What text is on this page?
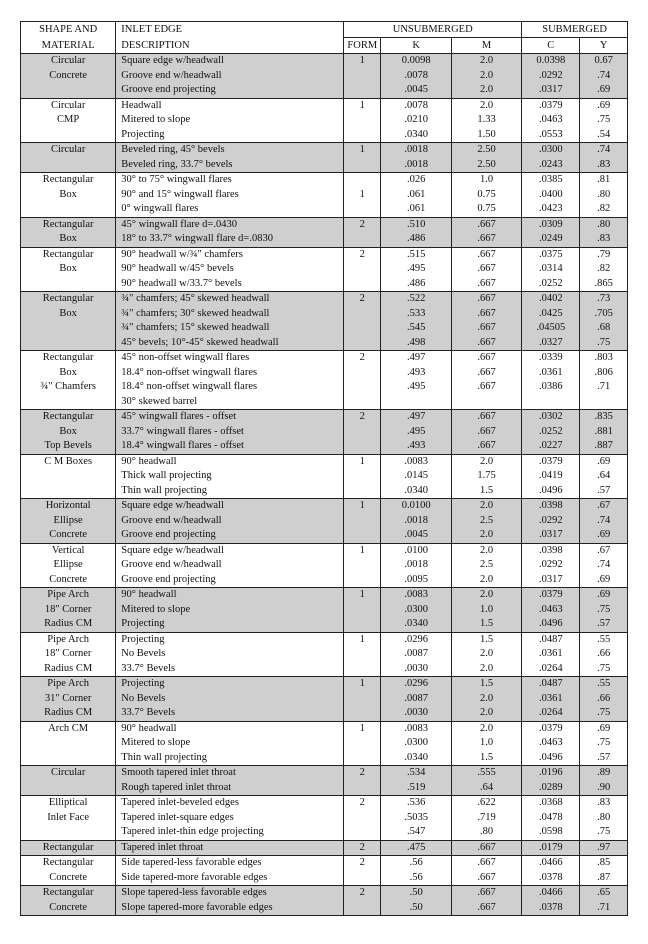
SHAPE AND	INLET EDGE	UNSUBMERGED			SUBMERGED	
MATERIAL	DESCRIPTION	FORM	K	M	C	Y
Circular	Square edge w/headwall	1	0.0098	2.0	0.0398	0.67
Concrete	Groove end w/headwall		.0078	2.0	.0292	.74
	Groove end projecting		.0045	2.0	.0317	.69
Circular	Headwall	1	.0078	2.0	.0379	.69
CMP	Mitered to slope		.0210	1.33	.0463	.75
	Projecting		.0340	1.50	.0553	.54
Circular	Beveled ring, 45° bevels	1	.0018	2.50	.0300	.74
	Beveled ring, 33.7° bevels		.0018	2.50	.0243	.83
Rectangular	30° to 75° wingwall flares		.026	1.0	.0385	.81
Box	90° and 15° wingwall flares	1	.061	0.75	.0400	.80
	0° wingwall flares		.061	0.75	.0423	.82
Rectangular	45° wingwall flare d=.0430	2	.510	.667	.0309	.80
Box	18° to 33.7° wingwall flare d=.0830		.486	.667	.0249	.83
Rectangular	90° headwall w/¾" chamfers	2	.515	.667	.0375	.79
Box	90° headwall w/45° bevels		.495	.667	.0314	.82
	90° headwall w/33.7° bevels		.486	.667	.0252	.865
Rectangular	¾" chamfers; 45° skewed headwall	2	.522	.667	.0402	.73
Box	¾" chamfers; 30° skewed headwall		.533	.667	.0425	.705
	¾" chamfers; 15° skewed headwall		.545	.667	.04505	.68
	45° bevels; 10°-45° skewed headwall		.498	.667	.0327	.75
Rectangular	45° non-offset wingwall flares	2	.497	.667	.0339	.803
Box	18.4° non-offset wingwall flares		.493	.667	.0361	.806
¾" Chamfers	18.4° non-offset wingwall flares		.495	.667	.0386	.71
	30° skewed barrel					
Rectangular	45° wingwall flares - offset	2	.497	.667	.0302	.835
Box	33.7° wingwall flares - offset		.495	.667	.0252	.881
Top Bevels	18.4° wingwall flares - offset		.493	.667	.0227	.887
C M Boxes	90° headwall	1	.0083	2.0	.0379	.69
	Thick wall projecting		.0145	1.75	.0419	.64
	Thin wall projecting		.0340	1.5	.0496	.57
Horizontal	Square edge w/headwall	1	0.0100	2.0	.0398	.67
Ellipse	Groove end w/headwall		.0018	2.5	.0292	.74
Concrete	Groove end projecting		.0045	2.0	.0317	.69
Vertical	Square edge w/headwall	1	.0100	2.0	.0398	.67
Ellipse	Groove end w/headwall		.0018	2.5	.0292	.74
Concrete	Groove end projecting		.0095	2.0	.0317	.69
Pipe Arch	90° headwall	1	.0083	2.0	.0379	.69
18" Corner	Mitered to slope		.0300	1.0	.0463	.75
Radius CM	Projecting		.0340	1.5	.0496	.57
Pipe Arch	Projecting	1	.0296	1.5	.0487	.55
18" Corner	No Bevels		.0087	2.0	.0361	.66
Radius CM	33.7° Bevels		.0030	2.0	.0264	.75
Pipe Arch	Projecting	1	.0296	1.5	.0487	.55
31" Corner	No Bevels		.0087	2.0	.0361	.66
Radius CM	33.7° Bevels		.0030	2.0	.0264	.75
Arch CM	90° headwall	1	.0083	2.0	.0379	.69
	Mitered to slope		.0300	1.0	.0463	.75
	Thin wall projecting		.0340	1.5	.0496	.57
Circular	Smooth tapered inlet throat	2	.534	.555	.0196	.89
	Rough tapered inlet throat		.519	.64	.0289	.90
Elliptical	Tapered inlet-beveled edges	2	.536	.622	.0368	.83
Inlet Face	Tapered inlet-square edges		.5035	.719	.0478	.80
	Tapered inlet-thin edge projecting		.547	.80	.0598	.75
Rectangular	Tapered inlet throat	2	.475	.667	.0179	.97
Rectangular	Side tapered-less favorable edges	2	.56	.667	.0466	.85
Concrete	Side tapered-more favorable edges		.56	.667	.0378	.87
Rectangular	Slope tapered-less favorable edges	2	.50	.667	.0466	.65
Concrete	Slope tapered-more favorable edges		.50	.667	.0378	.71
